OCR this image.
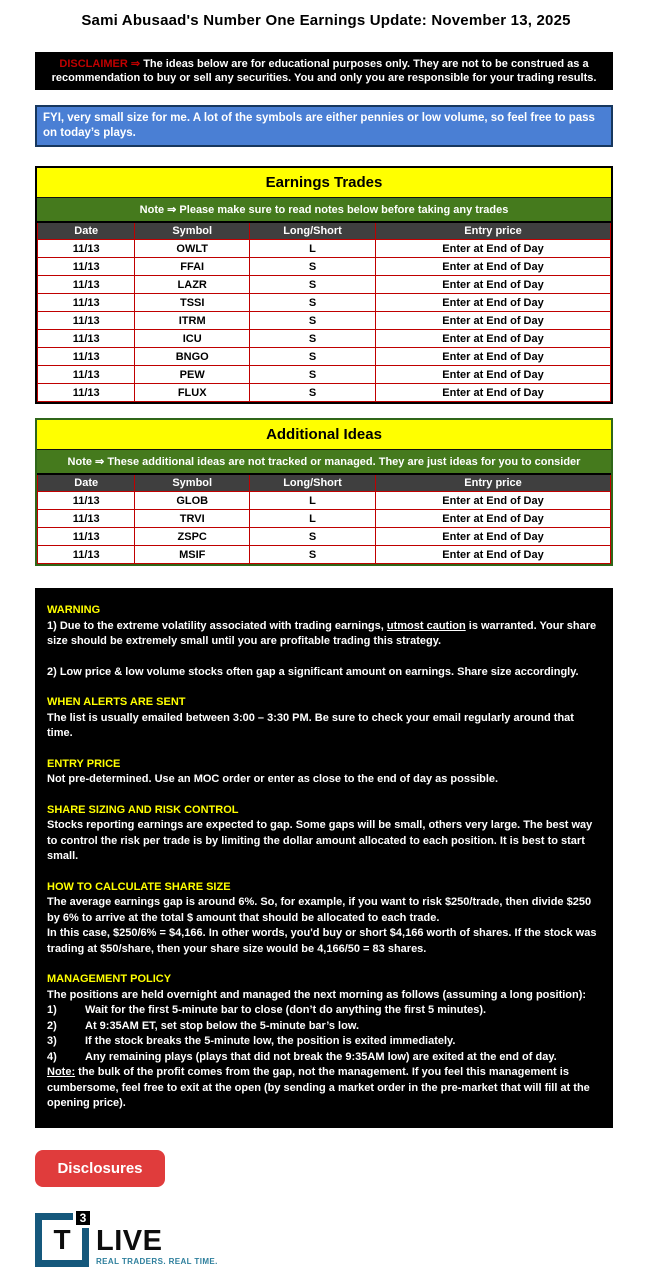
Sami Abusaad's Number One Earnings Update: November 13, 2025
DISCLAIMER ⇒ The ideas below are for educational purposes only. They are not to be construed as a recommendation to buy or sell any securities. You and only you are responsible for your trading results.
FYI, very small size for me. A lot of the symbols are either pennies or low volume, so feel free to pass on today’s plays.
Earnings Trades
Note ⇒ Please make sure to read notes below before taking any trades
Date	Symbol	Long/Short	Entry price
11/13	OWLT	L	Enter at End of Day
11/13	FFAI	S	Enter at End of Day
11/13	LAZR	S	Enter at End of Day
11/13	TSSI	S	Enter at End of Day
11/13	ITRM	S	Enter at End of Day
11/13	ICU	S	Enter at End of Day
11/13	BNGO	S	Enter at End of Day
11/13	PEW	S	Enter at End of Day
11/13	FLUX	S	Enter at End of Day
Additional Ideas
Note ⇒ These additional ideas are not tracked or managed. They are just ideas for you to consider
Date	Symbol	Long/Short	Entry price
11/13	GLOB	L	Enter at End of Day
11/13	TRVI	L	Enter at End of Day
11/13	ZSPC	S	Enter at End of Day
11/13	MSIF	S	Enter at End of Day
WARNING

1) Due to the extreme volatility associated with trading earnings, utmost caution is warranted. Your share size should be extremely small until you are profitable trading this strategy.

2) Low price & low volume stocks often gap a significant amount on earnings. Share size accordingly.

WHEN ALERTS ARE SENT

The list is usually emailed between 3:00 – 3:30 PM. Be sure to check your email regularly around that time.

ENTRY PRICE

Not pre-determined. Use an MOC order or enter as close to the end of day as possible.

SHARE SIZING AND RISK CONTROL

Stocks reporting earnings are expected to gap. Some gaps will be small, others very large. The best way to control the risk per trade is by limiting the dollar amount allocated to each position. It is best to start small.

HOW TO CALCULATE SHARE SIZE

The average earnings gap is around 6%. So, for example, if you want to risk $250/trade, then divide $250 by 6% to arrive at the total $ amount that should be allocated to each trade.

In this case, $250/6% = $4,166. In other words, you'd buy or short $4,166 worth of shares. If the stock was trading at $50/share, then your share size would be 4,166/50 = 83 shares.

MANAGEMENT POLICY

The positions are held overnight and managed the next morning as follows (assuming a long position):

1)	Wait for the first 5-minute bar to close (don’t do anything the first 5 minutes).
2)	At 9:35AM ET, set stop below the 5-minute bar’s low.
3)	If the stock breaks the 5-minute low, the position is exited immediately.
4)	Any remaining plays (plays that did not break the 9:35AM low) are exited at the end of day.

Note: the bulk of the profit comes from the gap, not the management. If you feel this management is cumbersome, feel free to exit at the open (by sending a market order in the pre-market that will fill at the opening price).

Disclosures
T
3
LIVE
REAL TRADERS. REAL TIME.
